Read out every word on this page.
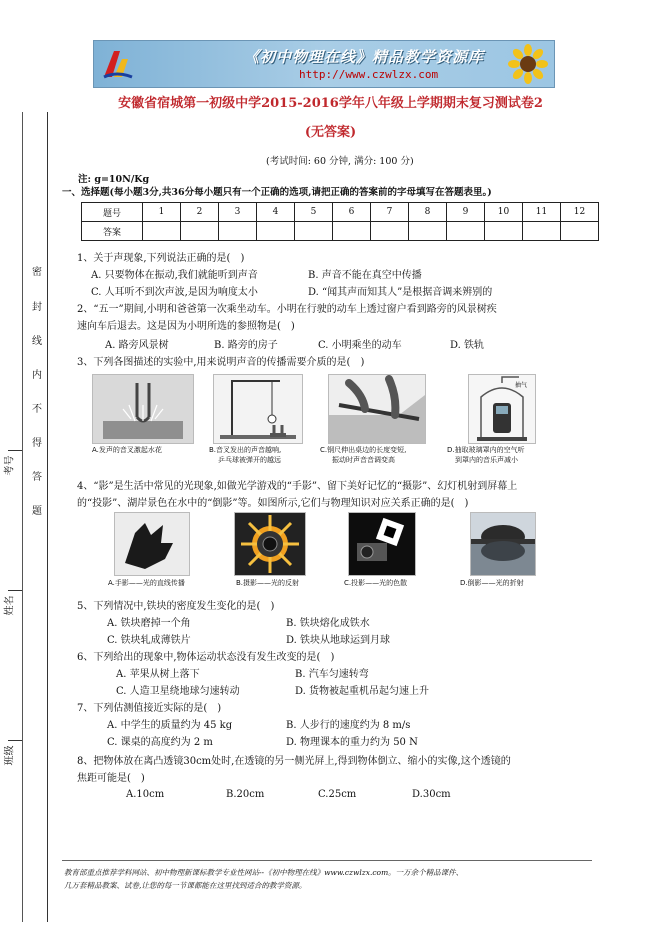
《初中物理在线》精品教学资源库
http://www.czwlzx.com
安徽省宿城第一初级中学2015-2016学年八年级上学期期末复习测试卷2
(无答案)
(考试时间: 60 分钟, 满分: 100 分)
注: g=10N/Kg
一、选择题(每小题3分,共36分每小题只有一个正确的选项,请把正确的答案前的字母填写在答题表里。)
密
封
线
内
不
得
答
题
考号
姓名
班级
题号	1	2	3	4	5	6	7	8	9	10	11	12
答案												
1、关于声现象,下列说法正确的是(　)
A. 只要物体在振动,我们就能听到声音	B. 声音不能在真空中传播
C. 人耳听不到次声波,是因为响度太小	D. “闻其声而知其人”是根据音调来辨别的
2、“五一”期间,小明和爸爸第一次乘坐动车。小明在行驶的动车上透过窗户看到路旁的风景树疾
速向车后退去。这是因为小明所选的参照物是(　)
A. 路旁风景树	B. 路旁的房子	C. 小明乘坐的动车	D. 铁轨
3、下列各图描述的实验中,用来说明声音的传播需要介质的是(　)
A.发声的音叉激起水花	B.音叉发出的声音越响,
乒乓球被弹开的越远
C.钢尺伸出桌边的长度变短,
振动时声音音调变高
抽气
D.抽取玻璃罩内的空气听
到罩内的音乐声减小
4、“影”是生活中常见的光现象,如做光学游戏的“手影”、留下美好记忆的“摄影”、幻灯机射到屏幕上
的“投影”、湖岸景色在水中的“倒影”等。如图所示,它们与物理知识对应关系正确的是(　)
A.手影——光的直线传播	B.摄影——光的反射	C.投影——光的色散	D.倒影——光的折射
5、下列情况中,铁块的密度发生变化的是(　)
A. 铁块磨掉一个角	B. 铁块熔化成铁水
C. 铁块轧成薄铁片	D. 铁块从地球运到月球
6、下列给出的现象中,物体运动状态没有发生改变的是(　)
A. 苹果从树上落下	B. 汽车匀速转弯
C. 人造卫星绕地球匀速转动	D. 货物被起重机吊起匀速上升
7、下列估测值接近实际的是(　)
A. 中学生的质量约为 45 kg	B. 人步行的速度约为 8 m/s
C. 课桌的高度约为 2 m	D. 物理课本的重力约为 50 N
8、把物体放在离凸透镜30cm处时,在透镜的另一侧光屏上,得到物体倒立、缩小的实像,这个透镜的
焦距可能是(　)
A.10cm	B.20cm	C.25cm	D.30cm
教育部重点推荐学科网站、初中物理新课标教学专业性网站--《初中物理在线》www.czwlzx.com。一万余个精品课件、
几万套精品教案、试卷,让您的每一节课都能在这里找到适合的教学资源。
